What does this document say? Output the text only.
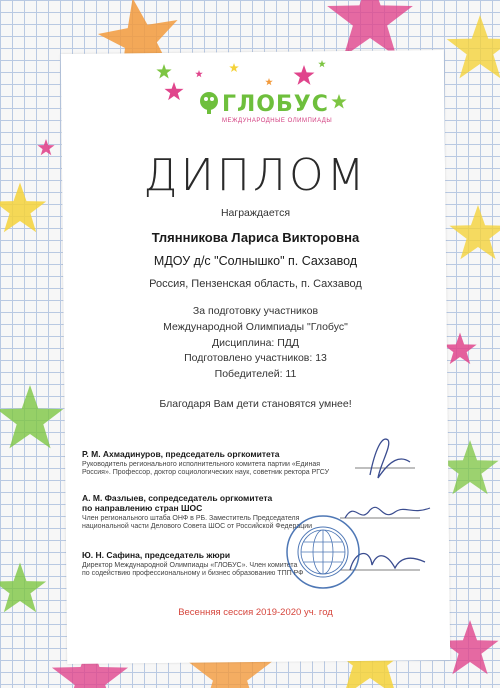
ГЛОБУС
МЕЖДУНАРОДНЫЕ ОЛИМПИАДЫ
ДИПЛОМ
Награждается
Тлянникова Лариса Викторовна
МДОУ д/с "Солнышко" п. Сахзавод
Россия, Пензенская область, п. Сахзавод
За подготовку участников
Международной Олимпиады "Глобус"
Дисциплина: ПДД
Подготовлено участников: 13
Победителей: 11
Благодаря Вам дети становятся умнее!
Р. М. Ахмадинуров, председатель оргкомитета
Руководитель регионального исполнительного комитета партии «Единая
Россия». Профессор, доктор социологических наук, советник ректора РГСУ
А. М. Фазлыев, сопредседатель оргкомитета
по направлению стран ШОС
Член регионального штаба ОНФ в РБ. Заместитель Председателя
национальной части Делового Совета ШОС от Российской Федерации
Ю. Н. Сафина, председатель жюри
Директор Международной Олимпиады «ГЛОБУС». Член комитета
по содействию профессиональному и бизнес образованию ТПП РФ
Весенняя сессия 2019-2020 уч. год
